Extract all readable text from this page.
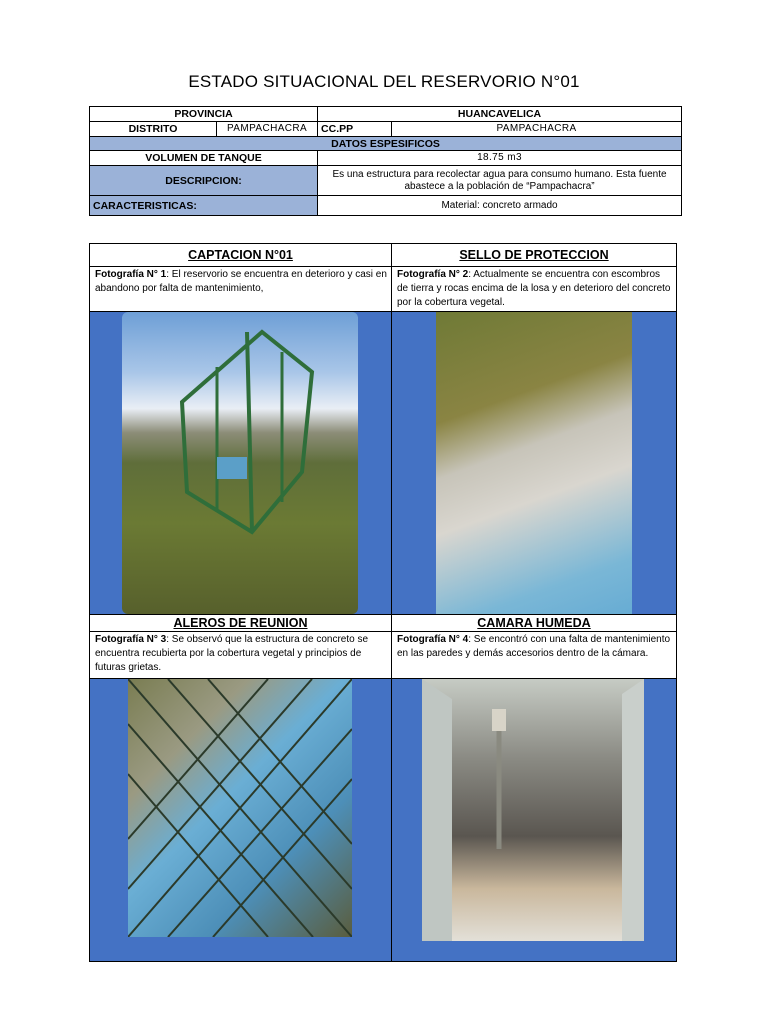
ESTADO SITUACIONAL DEL RESERVORIO N°01
PROVINCIA		HUANCAVELICA	
DISTRITO	PAMPACHACRA	CC.PP	PAMPACHACRA
DATOS ESPESIFICOS			
VOLUMEN DE TANQUE		18.75 m3	
DESCRIPCION:		Es una estructura para recolectar agua para consumo humano. Esta fuente abastece a la población de “Pampachacra”	
CARACTERISTICAS:		Material: concreto armado	
CAPTACION N°01	SELLO DE PROTECCION
Fotografía N° 1: El reservorio se encuentra en deterioro y casi en abandono por falta de mantenimiento,
Fotografía N° 2: Actualmente se encuentra con escombros de tierra y rocas encima de la losa y en deterioro del concreto por la cobertura vegetal.
ALEROS DE REUNION	CAMARA HUMEDA
Fotografía N° 3: Se observó que la estructura de concreto se encuentra recubierta por la cobertura vegetal y principios de futuras grietas.
Fotografía N° 4: Se encontró con una falta de mantenimiento en las paredes y demás accesorios dentro de la cámara.
